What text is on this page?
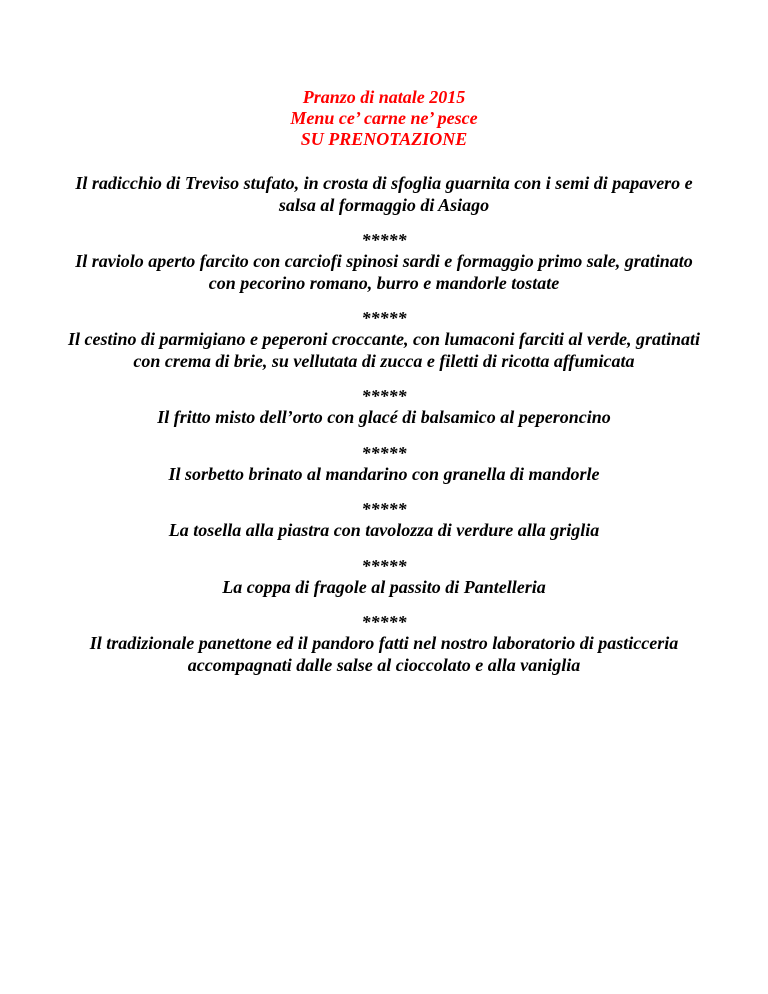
Pranzo di natale 2015
Menu ce’ carne ne’ pesce
SU PRENOTAZIONE
Il radicchio di Treviso stufato, in crosta di sfoglia guarnita con i semi di papavero e salsa al formaggio di Asiago
*****
Il raviolo aperto farcito con carciofi spinosi sardi e formaggio primo sale, gratinato con pecorino romano, burro e mandorle tostate
*****
Il cestino di parmigiano e peperoni croccante, con lumaconi farciti al verde, gratinati con crema di brie, su vellutata di zucca e filetti di ricotta affumicata
*****
Il fritto misto dell’orto con glacé di balsamico al peperoncino
*****
Il sorbetto brinato al mandarino con granella di mandorle
*****
La tosella alla piastra con tavolozza di verdure alla griglia
*****
La coppa di fragole al passito di Pantelleria
*****
Il tradizionale panettone ed il pandoro fatti nel nostro laboratorio di pasticceria accompagnati dalle salse al cioccolato e alla vaniglia
